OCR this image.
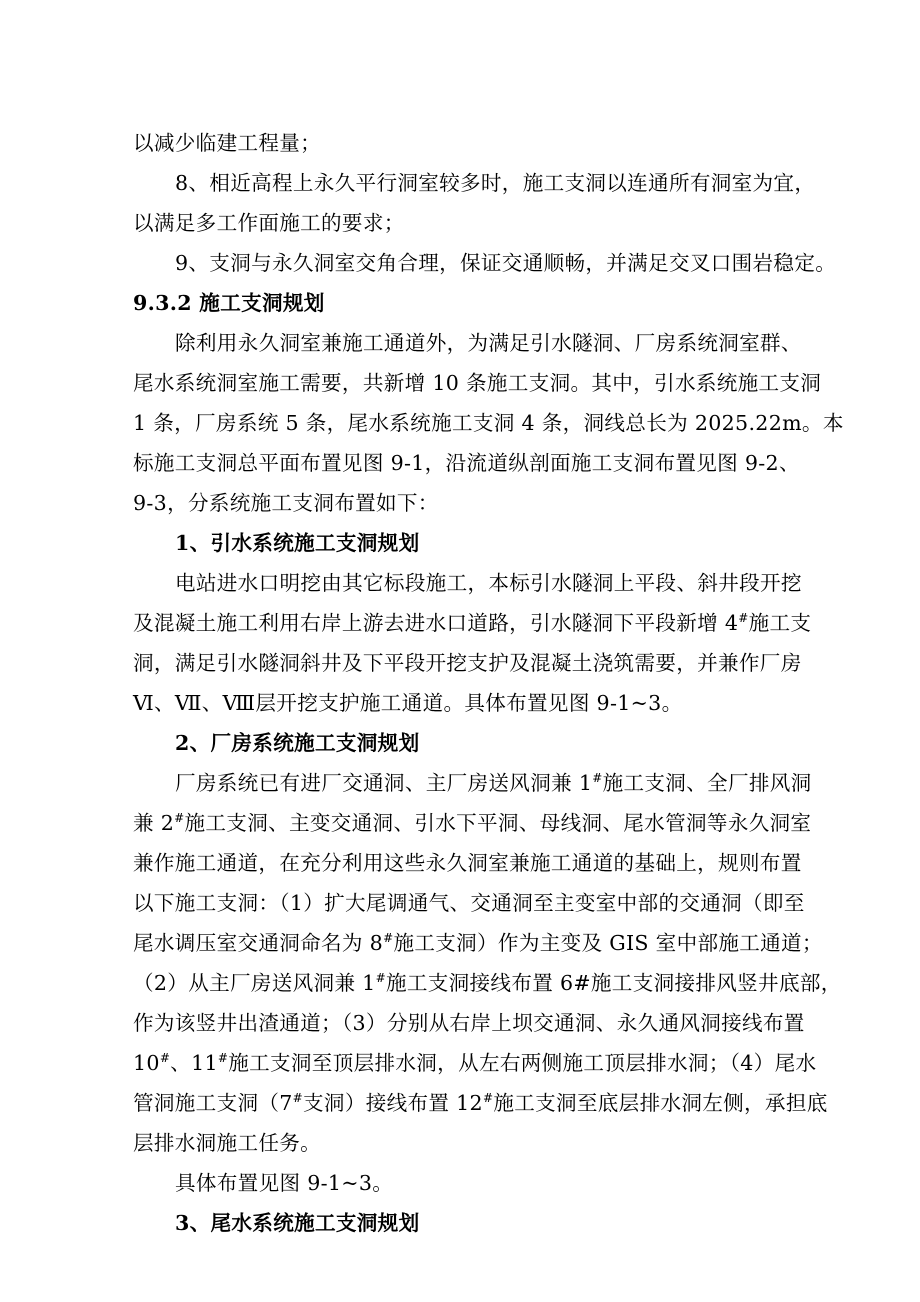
以减少临建工程量；
8、相近高程上永久平行洞室较多时，施工支洞以连通所有洞室为宜，
以满足多工作面施工的要求；
9、支洞与永久洞室交角合理，保证交通顺畅，并满足交叉口围岩稳定。
9.3.2 施工支洞规划
除利用永久洞室兼施工通道外，为满足引水隧洞、厂房系统洞室群、
尾水系统洞室施工需要，共新增 10 条施工支洞。其中，引水系统施工支洞
1 条，厂房系统 5 条，尾水系统施工支洞 4 条，洞线总长为 2025.22m。本
标施工支洞总平面布置见图 9-1，沿流道纵剖面施工支洞布置见图 9-2、
9-3，分系统施工支洞布置如下：
1、引水系统施工支洞规划
电站进水口明挖由其它标段施工，本标引水隧洞上平段、斜井段开挖
及混凝土施工利用右岸上游去进水口道路，引水隧洞下平段新增 4#施工支
洞，满足引水隧洞斜井及下平段开挖支护及混凝土浇筑需要，并兼作厂房
Ⅵ、Ⅶ、Ⅷ层开挖支护施工通道。具体布置见图 9-1~3。
2、厂房系统施工支洞规划
厂房系统已有进厂交通洞、主厂房送风洞兼 1#施工支洞、全厂排风洞
兼 2#施工支洞、主变交通洞、引水下平洞、母线洞、尾水管洞等永久洞室
兼作施工通道，在充分利用这些永久洞室兼施工通道的基础上，规则布置
以下施工支洞：（1）扩大尾调通气、交通洞至主变室中部的交通洞（即至
尾水调压室交通洞命名为 8#施工支洞）作为主变及 GIS 室中部施工通道；
（2）从主厂房送风洞兼 1#施工支洞接线布置 6#施工支洞接排风竖井底部，
作为该竖井出渣通道；（3）分别从右岸上坝交通洞、永久通风洞接线布置
10#、11#施工支洞至顶层排水洞，从左右两侧施工顶层排水洞；（4）尾水
管洞施工支洞（7#支洞）接线布置 12#施工支洞至底层排水洞左侧，承担底
层排水洞施工任务。
具体布置见图 9-1~3。
3、尾水系统施工支洞规划
